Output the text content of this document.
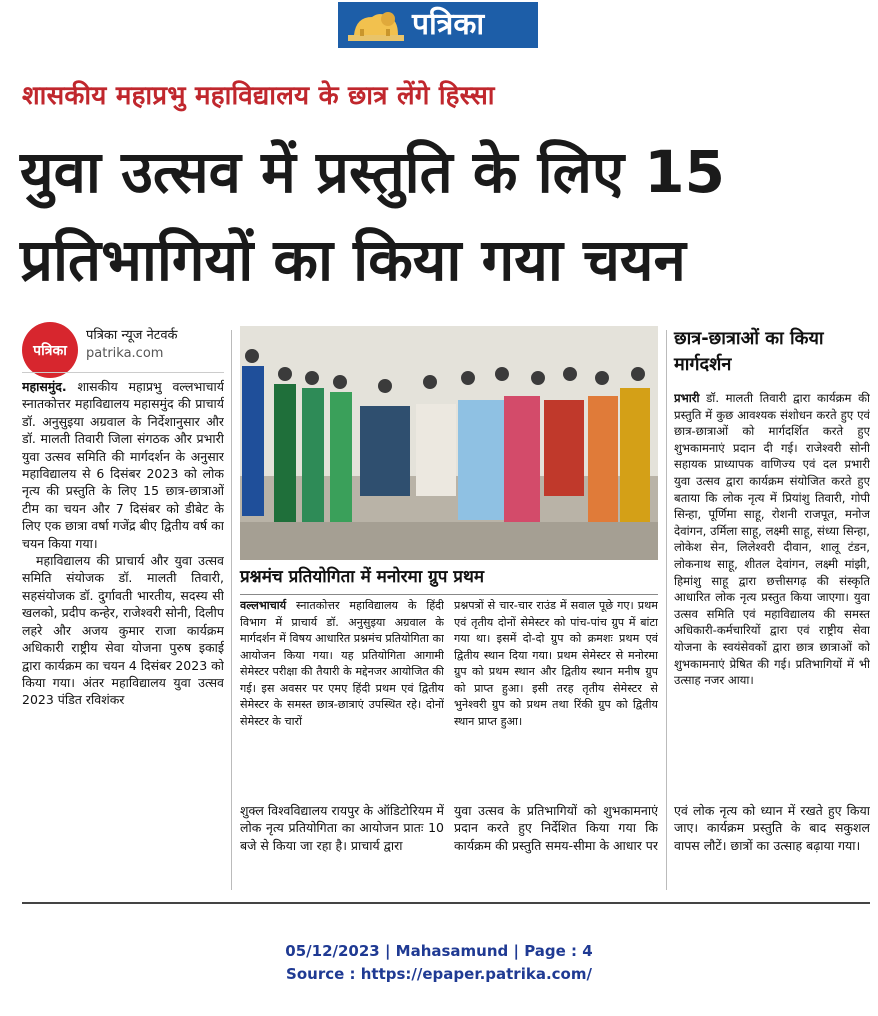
पत्रिका
शासकीय महाप्रभु महाविद्यालय के छात्र लेंगे हिस्सा
युवा उत्सव में प्रस्तुति के लिए 15 प्रतिभागियों का किया गया चयन
पत्रिका
पत्रिका न्यूज नेटवर्क
patrika.com

महासमुंद. शासकीय महाप्रभु वल्लभाचार्य स्नातकोत्तर महाविद्यालय महासमुंद की प्राचार्य डॉ. अनुसुइया अग्रवाल के निर्देशानुसार और डॉ. मालती तिवारी जिला संगठक और प्रभारी युवा उत्सव समिति की मार्गदर्शन के अनुसार महाविद्यालय से 6 दिसंबर 2023 को लोक नृत्य की प्रस्तुति के लिए 15 छात्र-छात्राओं टीम का चयन और 7 दिसंबर को डीबेट के लिए एक छात्रा वर्षा गजेंद्र बीए द्वितीय वर्ष का चयन किया गया।

महाविद्यालय की प्राचार्य और युवा उत्सव समिति संयोजक डॉ. मालती तिवारी, सहसंयोजक डॉ. दुर्गावती भारतीय, सदस्य सी खलको, प्रदीप कन्हेर, राजेश्वरी सोनी, दिलीप लहरे और अजय कुमार राजा कार्यक्रम अधिकारी राष्ट्रीय सेवा योजना पुरुष इकाई द्वारा कार्यक्रम का चयन 4 दिसंबर 2023 को किया गया। अंतर महाविद्यालय युवा उत्सव 2023 पंडित रविशंकर

प्रश्नमंच प्रतियोगिता में मनोरमा ग्रुप प्रथम
वल्लभाचार्य स्नातकोत्तर महाविद्यालय के हिंदी विभाग में प्राचार्य डॉ. अनुसुइया अग्रवाल के मार्गदर्शन में विषय आधारित प्रश्नमंच प्रतियोगिता का आयोजन किया गया। यह प्रतियोगिता आगामी सेमेस्टर परीक्षा की तैयारी के मद्देनजर आयोजित की गई। इस अवसर पर एमए हिंदी प्रथम एवं द्वितीय सेमेस्टर के समस्त छात्र-छात्राएं उपस्थित रहे। दोनों सेमेस्टर के चारों
प्रश्नपत्रों से चार-चार राउंड में सवाल पूछे गए। प्रथम एवं तृतीय दोनों सेमेस्टर को पांच-पांच ग्रुप में बांटा गया था। इसमें दो-दो ग्रुप को क्रमशः प्रथम एवं द्वितीय स्थान दिया गया। प्रथम सेमेस्टर से मनोरमा ग्रुप को प्रथम स्थान और द्वितीय स्थान मनीष ग्रुप को प्राप्त हुआ। इसी तरह तृतीय सेमेस्टर से भुनेश्वरी ग्रुप को प्रथम तथा रिंकी ग्रुप को द्वितीय स्थान प्राप्त हुआ।
शुक्ल विश्वविद्यालय रायपुर के ऑडिटोरियम में लोक नृत्य प्रतियोगिता का आयोजन प्रातः 10 बजे से किया जा रहा है। प्राचार्य द्वारा
युवा उत्सव के प्रतिभागियों को शुभकामनाएं प्रदान करते हुए निर्देशित किया गया कि कार्यक्रम की प्रस्तुति समय-सीमा के आधार पर
छात्र-छात्राओं का किया मार्गदर्शन
प्रभारी डॉ. मालती तिवारी द्वारा कार्यक्रम की प्रस्तुति में कुछ आवश्यक संशोधन करते हुए एवं छात्र-छात्राओं को मार्गदर्शित करते हुए शुभकामनाएं प्रदान दी गई। राजेश्वरी सोनी सहायक प्राध्यापक वाणिज्य एवं दल प्रभारी युवा उत्सव द्वारा कार्यक्रम संयोजित करते हुए बताया कि लोक नृत्य में प्रियांशु तिवारी, गोपी सिन्हा, पूर्णिमा साहू, रोशनी राजपूत, मनोज देवांगन, उर्मिला साहू, लक्ष्मी साहू, संध्या सिन्हा, लोकेश सेन, लिलेश्वरी दीवान, शालू टंडन, लोकनाथ साहू, शीतल देवांगन, लक्ष्मी मांझी, हिमांशु साहू द्वारा छत्तीसगढ़ की संस्कृति आधारित लोक नृत्य प्रस्तुत किया जाएगा। युवा उत्सव समिति एवं महाविद्यालय की समस्त अधिकारी-कर्मचारियों द्वारा एवं राष्ट्रीय सेवा योजना के स्वयंसेवकों द्वारा छात्र छात्राओं को शुभकामनाएं प्रेषित की गई। प्रतिभागियों में भी उत्साह नजर आया।
एवं लोक नृत्य को ध्यान में रखते हुए किया जाए। कार्यक्रम प्रस्तुति के बाद सकुशल वापस लौटें। छात्रों का उत्साह बढ़ाया गया।
05/12/2023 | Mahasamund | Page : 4
Source : https://epaper.patrika.com/
